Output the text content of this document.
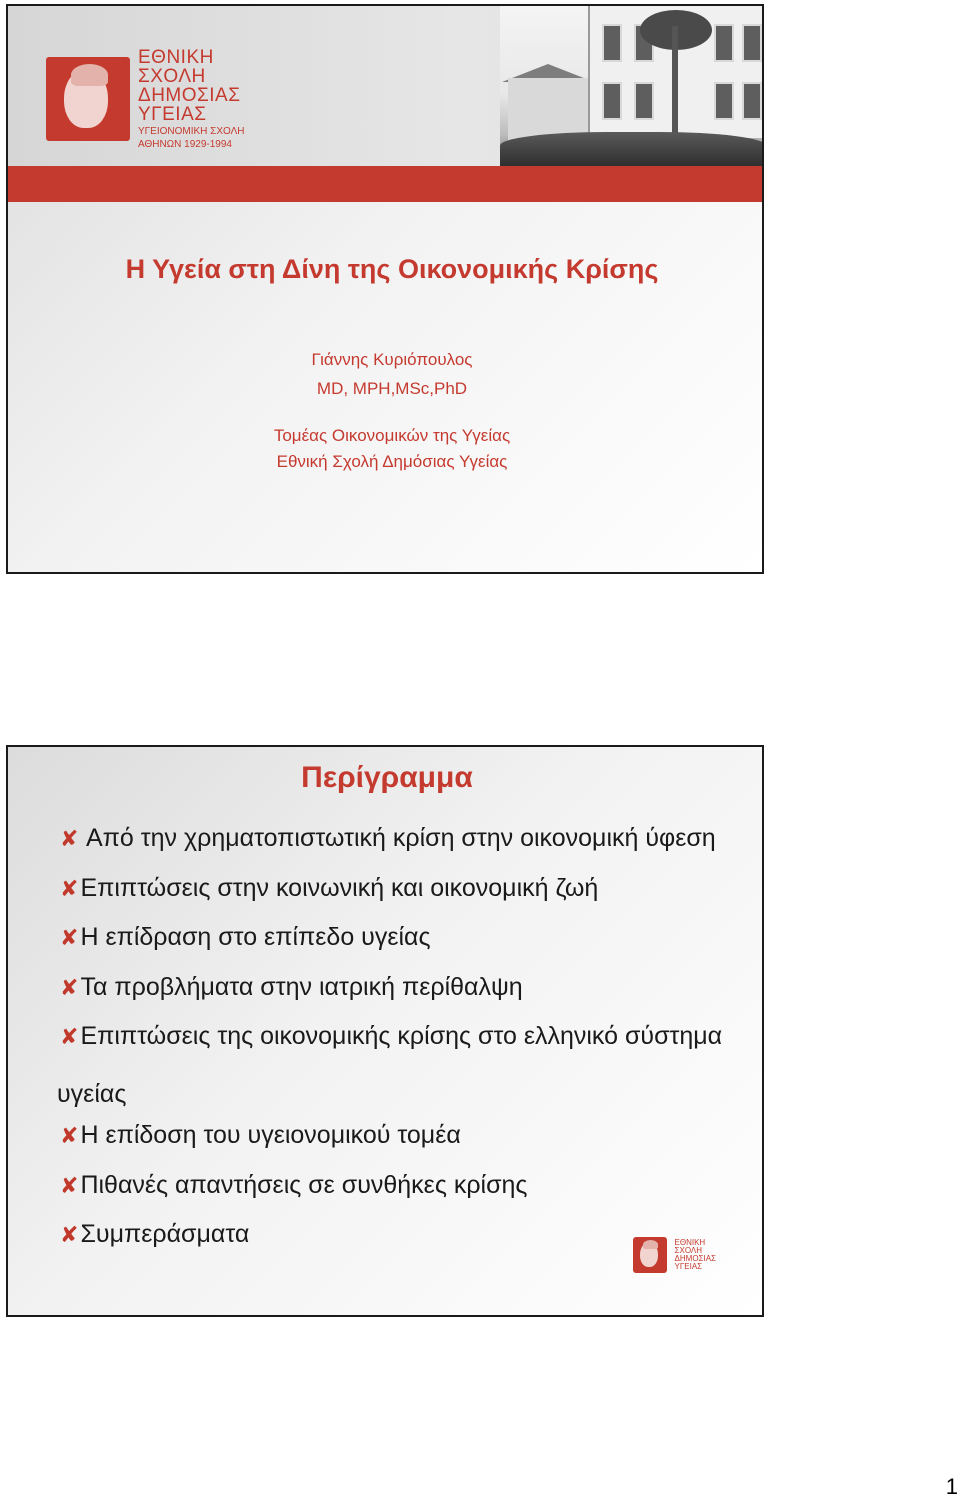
ΕΘΝΙΚΗ
ΣΧΟΛΗ
ΔΗΜΟΣΙΑΣ
ΥΓΕΙΑΣ
ΥΓΕΙΟΝΟΜΙΚΗ ΣΧΟΛΗ
ΑΘΗΝΩΝ 1929-1994
Η Υγεία στη Δίνη της Οικονομικής Κρίσης
Γιάννης Κυριόπουλος
MD, MPH,MSc,PhD
Τομέας Οικονομικών της Υγείας
Εθνική Σχολή Δημόσιας Υγείας
Περίγραμμα
✘ Από την χρηματοπιστωτική κρίση στην οικονομική ύφεση
✘Επιπτώσεις στην κοινωνική και οικονομική ζωή
✘Η επίδραση στο επίπεδο υγείας
✘Τα προβλήματα στην ιατρική περίθαλψη
✘Επιπτώσεις της οικονομικής κρίσης στο ελληνικό σύστημα
υγείας
✘Η επίδοση του υγειονομικού τομέα
✘Πιθανές απαντήσεις σε συνθήκες κρίσης
✘Συμπεράσματα	ΕΘΝΙΚΗ
ΣΧΟΛΗ
ΔΗΜΟΣΙΑΣ
ΥΓΕΙΑΣ
1
